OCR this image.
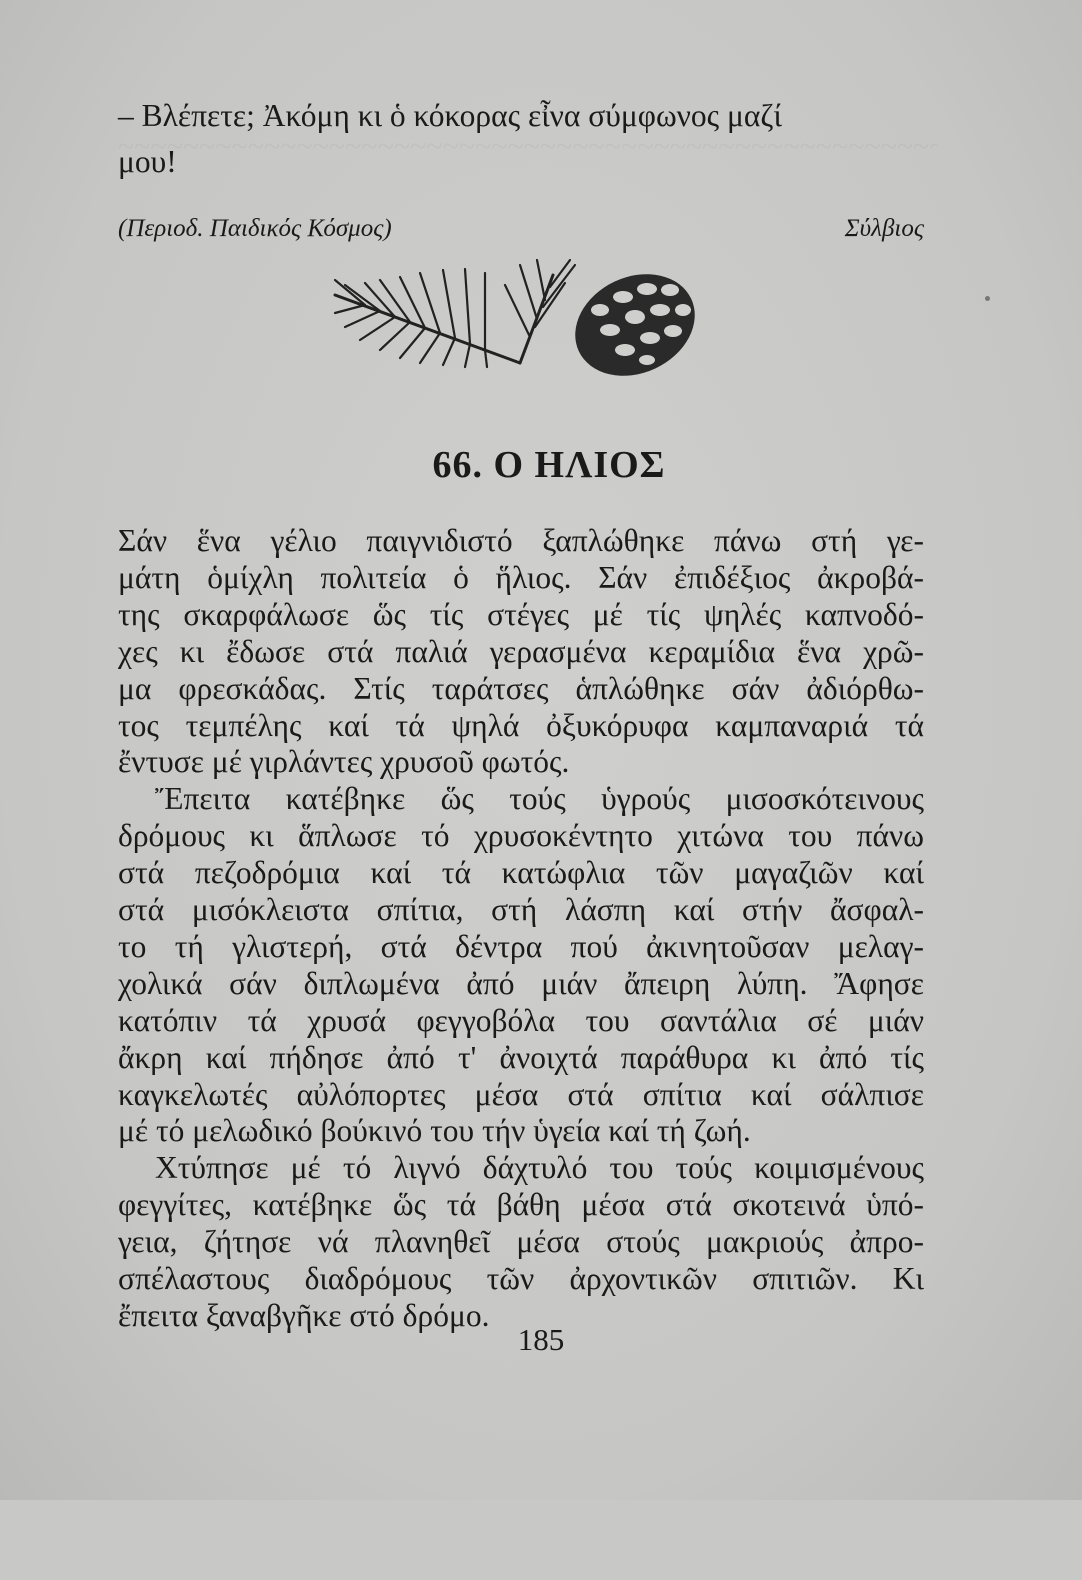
– Βλέπετε; Ἀκόμη κι ὁ κόκορας εἶνα σύμφωνος μαζί
μου!
(Περιοδ. Παιδικός Κόσμος)	Σύλβιος
66. Ο ΗΛΙΟΣ
Σάν ἕνα γέλιο παιγνιδιστό ξαπλώθηκε πάνω στή γε-
μάτη ὁμίχλη πολιτεία ὁ ἥλιος. Σάν ἐπιδέξιος ἀκροβά-
της σκαρφάλωσε ὥς τίς στέγες μέ τίς ψηλές καπνοδό-
χες κι ἔδωσε στά παλιά γερασμένα κεραμίδια ἕνα χρῶ-
μα φρεσκάδας. Στίς ταράτσες ἁπλώθηκε σάν ἀδιόρθω-
τος τεμπέλης καί τά ψηλά ὀξυκόρυφα καμπαναριά τά
ἔντυσε μέ γιρλάντες χρυσοῦ φωτός.
Ἔπειτα κατέβηκε ὥς τούς ὑγρούς μισοσκότεινους
δρόμους κι ἅπλωσε τό χρυσοκέντητο χιτώνα του πάνω
στά πεζοδρόμια καί τά κατώφλια τῶν μαγαζιῶν καί
στά μισόκλειστα σπίτια, στή λάσπη καί στήν ἄσφαλ-
το τή γλιστερή, στά δέντρα πού ἀκινητοῦσαν μελαγ-
χολικά σάν διπλωμένα ἀπό μιάν ἄπειρη λύπη. Ἄφησε
κατόπιν τά χρυσά φεγγοβόλα του σαντάλια σέ μιάν
ἄκρη καί πήδησε ἀπό τ' ἀνοιχτά παράθυρα κι ἀπό τίς
καγκελωτές αὐλόπορτες μέσα στά σπίτια καί σάλπισε
μέ τό μελωδικό βούκινό του τήν ὑγεία καί τή ζωή.
Χτύπησε μέ τό λιγνό δάχτυλό του τούς κοιμισμένους
φεγγίτες, κατέβηκε ὥς τά βάθη μέσα στά σκοτεινά ὑπό-
γεια, ζήτησε νά πλανηθεῖ μέσα στούς μακριούς ἀπρο-
σπέλαστους διαδρόμους τῶν ἀρχοντικῶν σπιτιῶν. Κι
ἔπειτα ξαναβγῆκε στό δρόμο.
185
